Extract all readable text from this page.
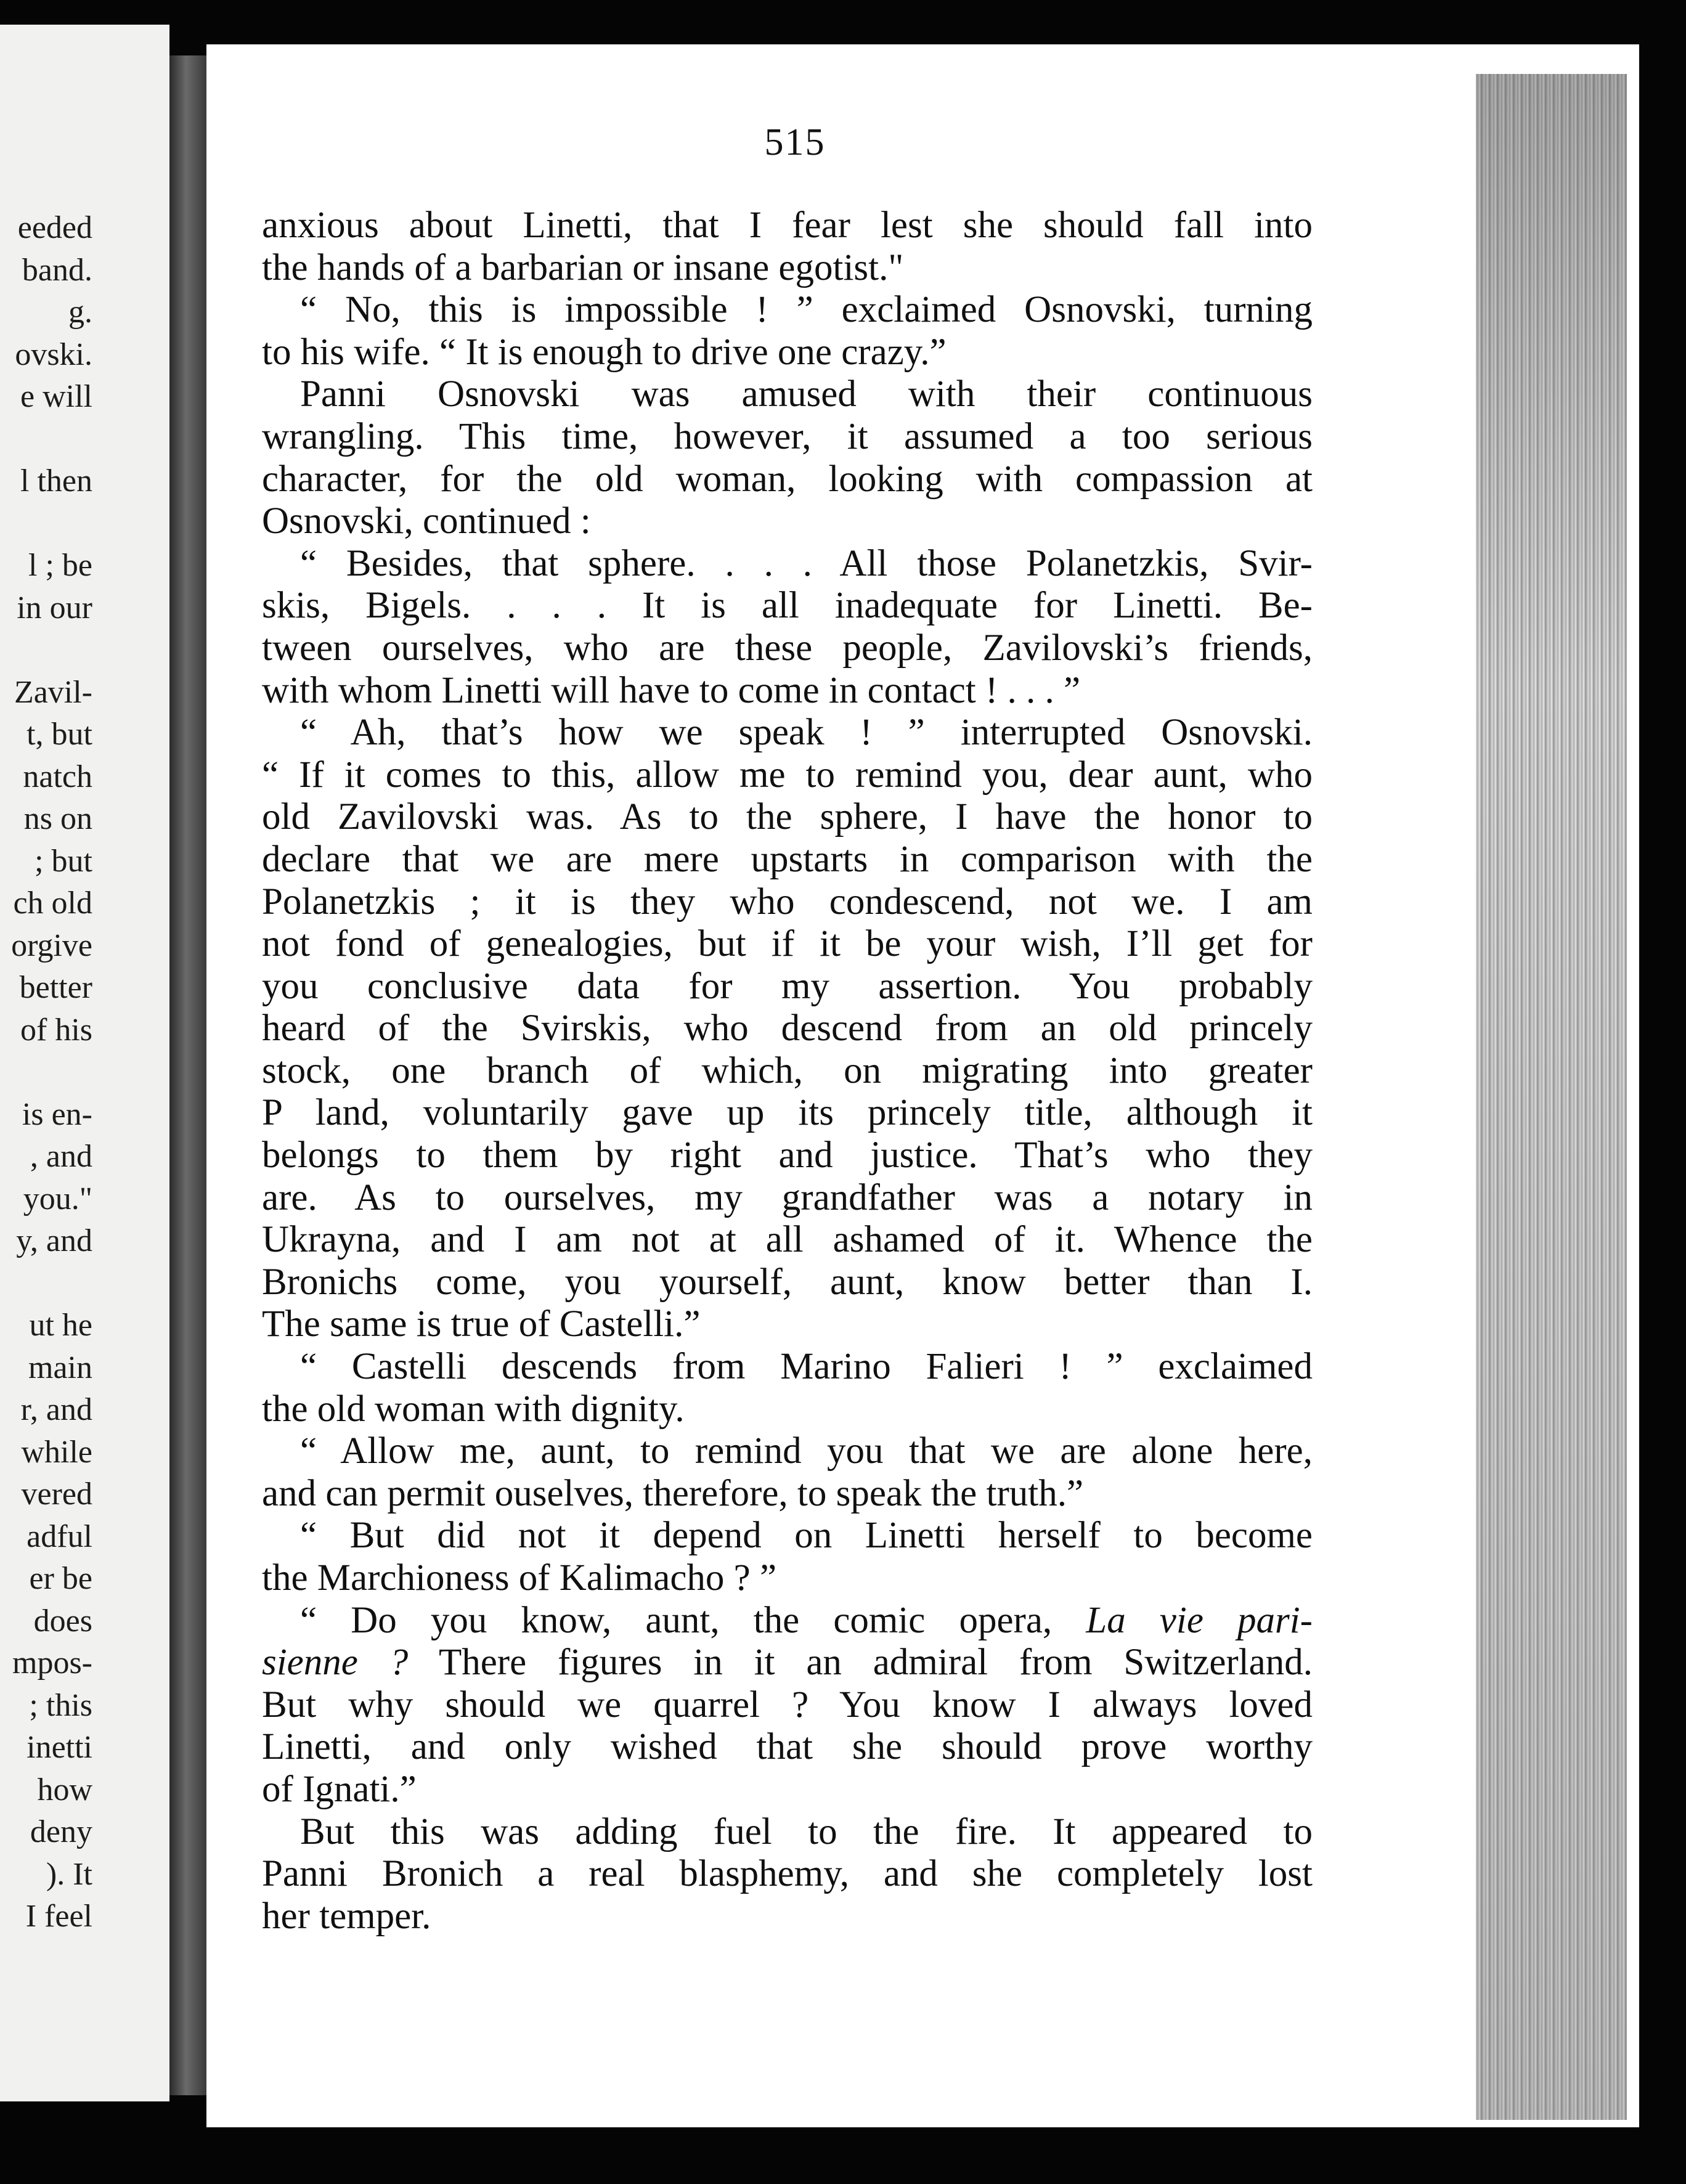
eeded
band.
g.
ovski.
e will
l then
l ; be
in our
Zavil-
t, but
natch
ns on
; but
ch old
orgive
better
of his
is en-
, and
you."
y, and
ut he
main
r, and
while
vered
adful
er be
does
mpos-
; this
inetti
how
deny
). It
I feel
515
anxious about Linetti, that I fear lest she should fall into
the hands of a barbarian or insane egotist."
“ No, this is impossible ! ” exclaimed Osnovski, turning
to his wife. “ It is enough to drive one crazy.”
Panni Osnovski was amused with their continuous
wrangling. This time, however, it assumed a too serious
character, for the old woman, looking with compassion at
Osnovski, continued :
“ Besides, that sphere. . . . All those Polanetzkis, Svir-
skis, Bigels. . . . It is all inadequate for Linetti. Be-
tween ourselves, who are these people, Zavilovski’s friends,
with whom Linetti will have to come in contact ! . . . ”
“ Ah, that’s how we speak ! ” interrupted Osnovski.
“ If it comes to this, allow me to remind you, dear aunt, who
old Zavilovski was. As to the sphere, I have the honor to
declare that we are mere upstarts in comparison with the
Polanetzkis ; it is they who condescend, not we. I am
not fond of genealogies, but if it be your wish, I’ll get for
you conclusive data for my assertion. You probably
heard of the Svirskis, who descend from an old princely
stock, one branch of which, on migrating into greater
P land, voluntarily gave up its princely title, although it
belongs to them by right and justice. That’s who they
are. As to ourselves, my grandfather was a notary in
Ukrayna, and I am not at all ashamed of it. Whence the
Bronichs come, you yourself, aunt, know better than I.
The same is true of Castelli.”
“ Castelli descends from Marino Falieri ! ” exclaimed
the old woman with dignity.
“ Allow me, aunt, to remind you that we are alone here,
and can permit ouselves, therefore, to speak the truth.”
“ But did not it depend on Linetti herself to become
the Marchioness of Kalimacho ? ”
“ Do you know, aunt, the comic opera, La vie pari-
sienne ? There figures in it an admiral from Switzerland.
But why should we quarrel ? You know I always loved
Linetti, and only wished that she should prove worthy
of Ignati.”
But this was adding fuel to the fire. It appeared to
Panni Bronich a real blasphemy, and she completely lost
her temper.
